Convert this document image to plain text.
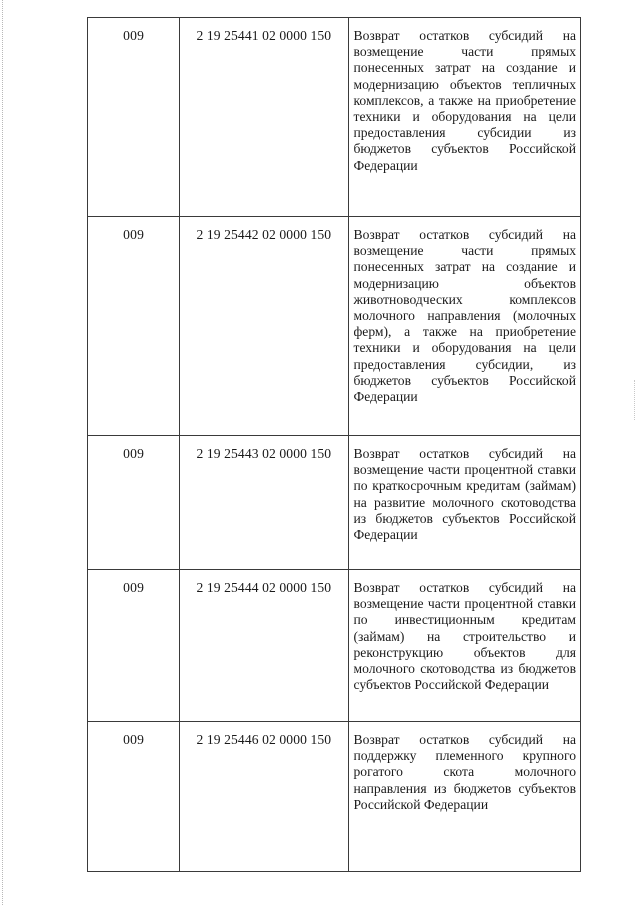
009	2 19 25441 02 0000 150	Возврат остатков субсидий на возмещение части прямых понесенных затрат на создание и модернизацию объектов тепличных комплексов, а также на приобретение техники и оборудования на цели предоставления субсидии из бюджетов субъектов Российской Федерации

009	2 19 25442 02 0000 150	Возврат остатков субсидий на возмещение части прямых понесенных затрат на создание и модернизацию объектов животноводческих комплексов молочного направления (молочных ферм), а также на приобретение техники и оборудования на цели предоставления субсидии, из бюджетов субъектов Российской Федерации

009	2 19 25443 02 0000 150	Возврат остатков субсидий на возмещение части процентной ставки по краткосрочным кредитам (займам) на развитие молочного скотоводства из бюджетов субъектов Российской Федерации

009	2 19 25444 02 0000 150	Возврат остатков субсидий на возмещение части процентной ставки по инвестиционным кредитам (займам) на строительство и реконструкцию объектов для молочного скотоводства из бюджетов субъектов Российской Федерации

009	2 19 25446 02 0000 150	Возврат остатков субсидий на поддержку племенного крупного рогатого скота молочного направления из бюджетов субъектов Российской Федерации
